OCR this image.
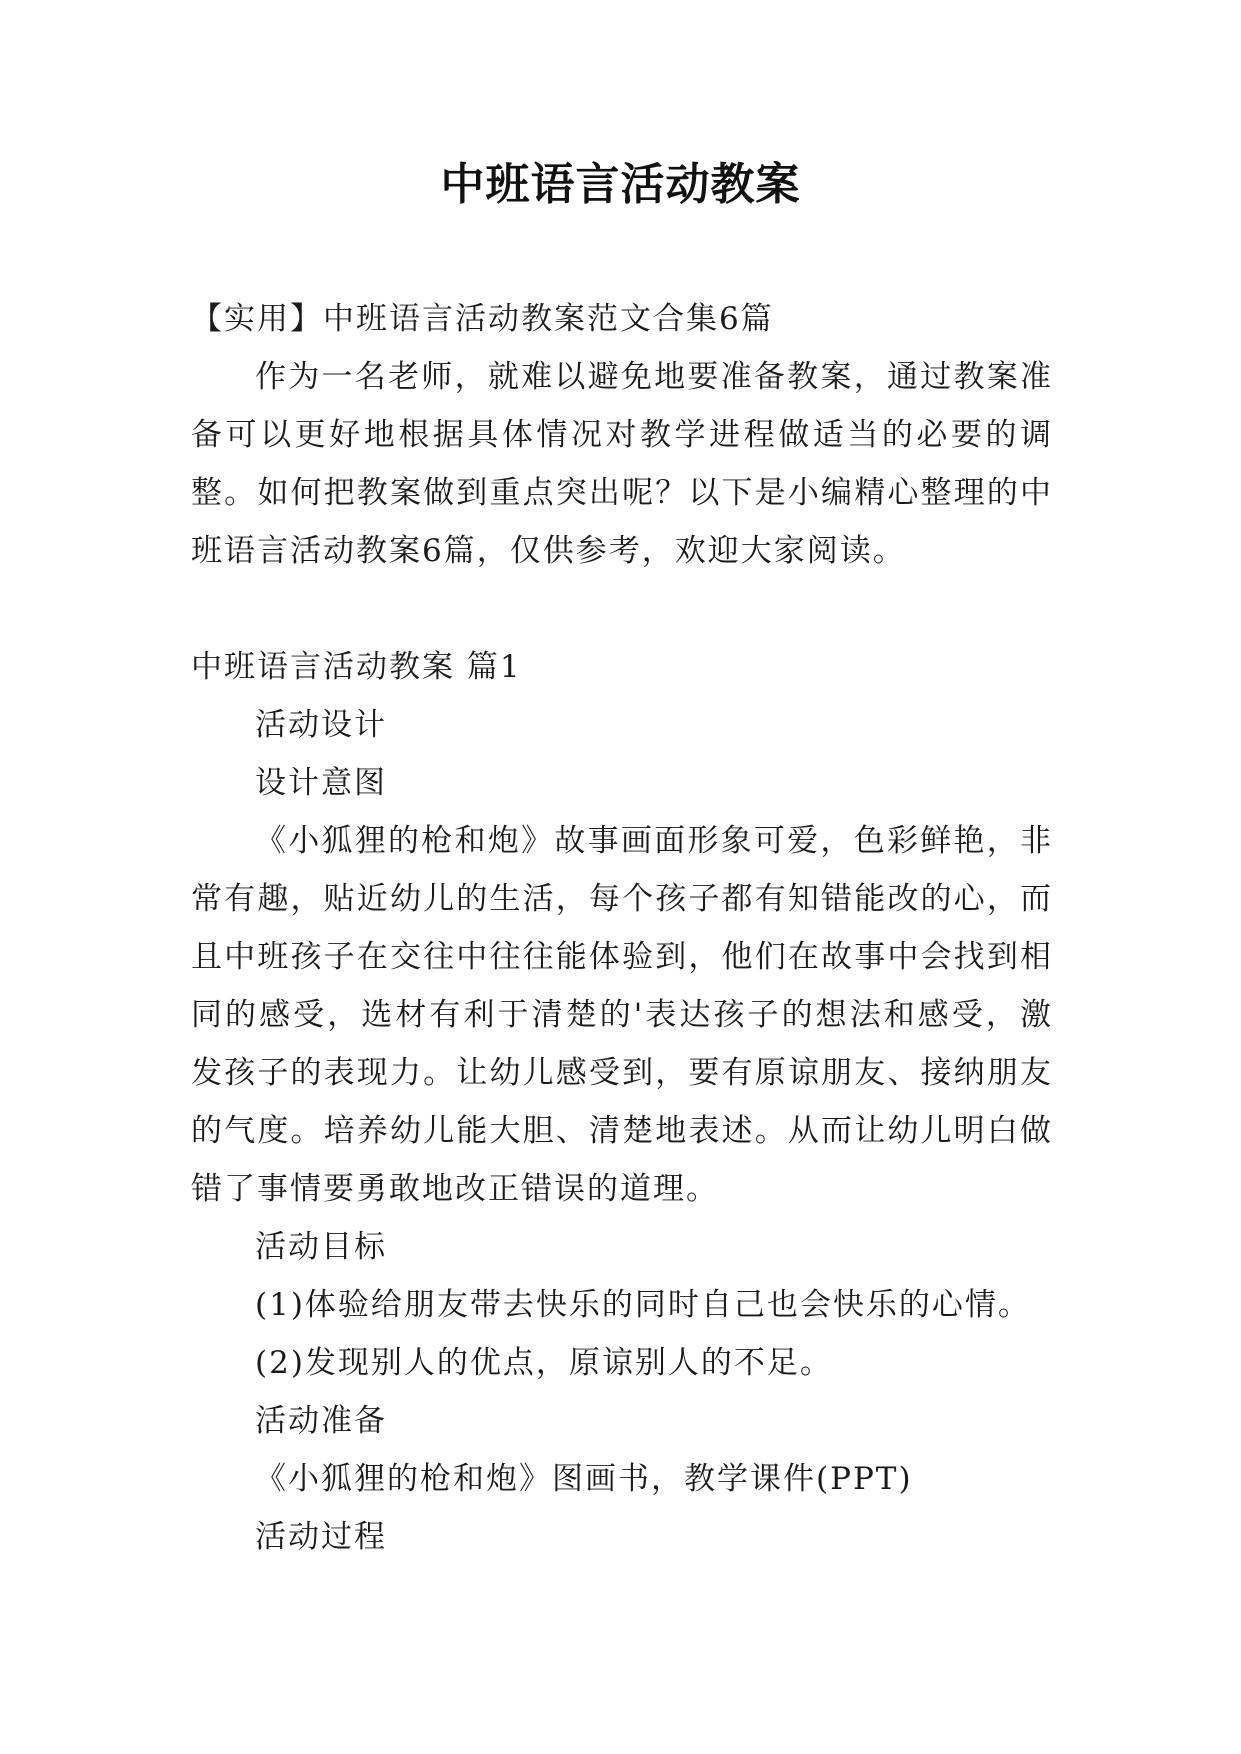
中班语言活动教案

【实用】中班语言活动教案范文合集6篇

作为一名老师，就难以避免地要准备教案，通过教案准备可以更好地根据具体情况对教学进程做适当的必要的调整。如何把教案做到重点突出呢？以下是小编精心整理的中班语言活动教案6篇，仅供参考，欢迎大家阅读。

中班语言活动教案 篇1

活动设计

设计意图

《小狐狸的枪和炮》故事画面形象可爱，色彩鲜艳，非常有趣，贴近幼儿的生活，每个孩子都有知错能改的心，而且中班孩子在交往中往往能体验到，他们在故事中会找到相同的感受，选材有利于清楚的'表达孩子的想法和感受，激发孩子的表现力。让幼儿感受到，要有原谅朋友、接纳朋友的气度。培养幼儿能大胆、清楚地表述。从而让幼儿明白做错了事情要勇敢地改正错误的道理。

活动目标

(1)体验给朋友带去快乐的同时自己也会快乐的心情。

(2)发现别人的优点，原谅别人的不足。

活动准备

《小狐狸的枪和炮》图画书，教学课件(PPT)

活动过程
